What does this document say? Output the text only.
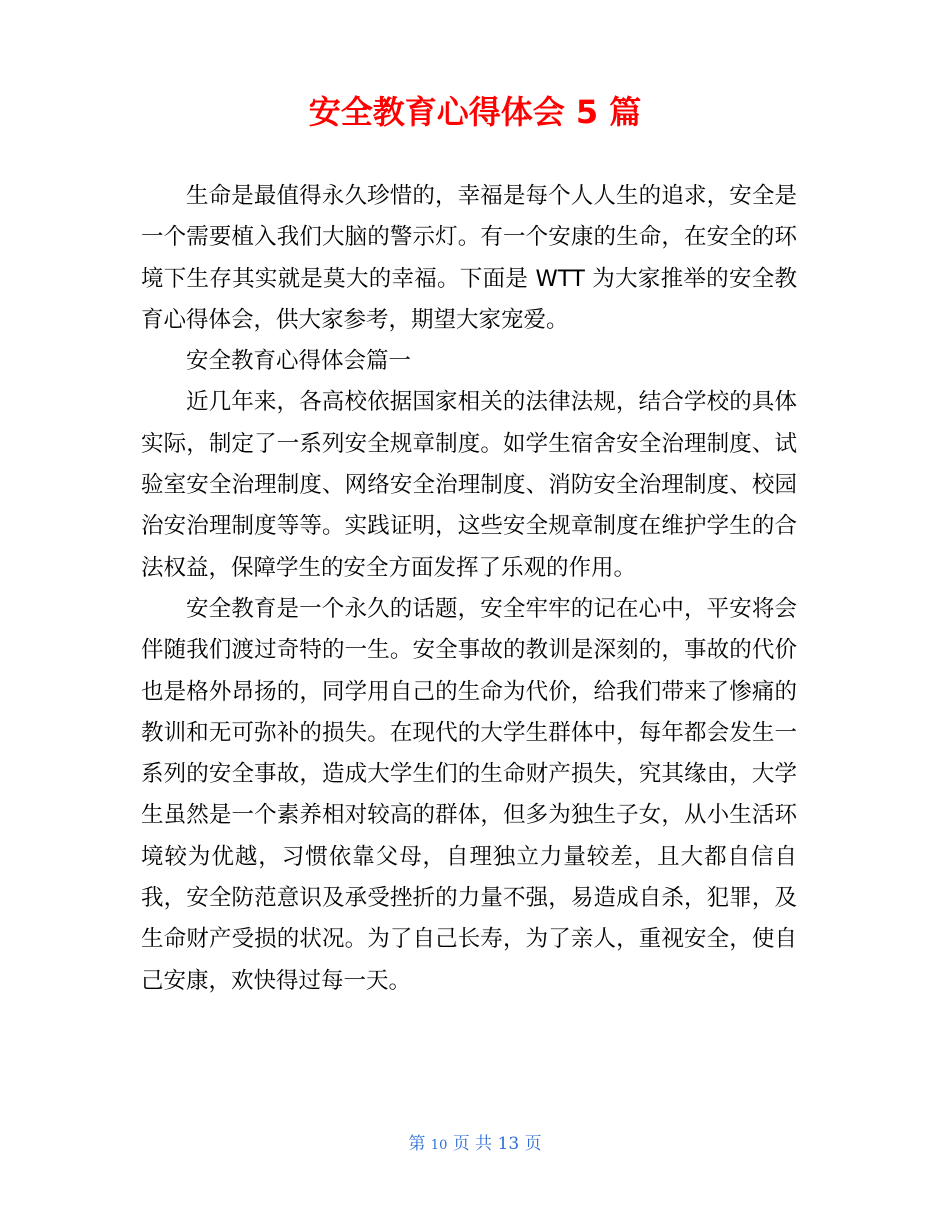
安全教育心得体会 5 篇

生命是最值得永久珍惜的，幸福是每个人人生的追求，安全是一个需要植入我们大脑的警示灯。有一个安康的生命，在安全的环境下生存其实就是莫大的幸福。下面是 WTT 为大家推举的安全教育心得体会，供大家参考，期望大家宠爱。

安全教育心得体会篇一

近几年来，各高校依据国家相关的法律法规，结合学校的具体实际，制定了一系列安全规章制度。如学生宿舍安全治理制度、试验室安全治理制度、网络安全治理制度、消防安全治理制度、校园治安治理制度等等。实践证明，这些安全规章制度在维护学生的合法权益，保障学生的安全方面发挥了乐观的作用。

安全教育是一个永久的话题，安全牢牢的记在心中，平安将会伴随我们渡过奇特的一生。安全事故的教训是深刻的，事故的代价也是格外昂扬的，同学用自己的生命为代价，给我们带来了惨痛的教训和无可弥补的损失。在现代的大学生群体中，每年都会发生一系列的安全事故，造成大学生们的生命财产损失，究其缘由，大学生虽然是一个素养相对较高的群体，但多为独生子女，从小生活环境较为优越，习惯依靠父母，自理独立力量较差，且大都自信自我，安全防范意识及承受挫折的力量不强，易造成自杀，犯罪，及生命财产受损的状况。为了自己长寿，为了亲人，重视安全，使自己安康，欢快得过每一天。

第 10 页 共 13 页
